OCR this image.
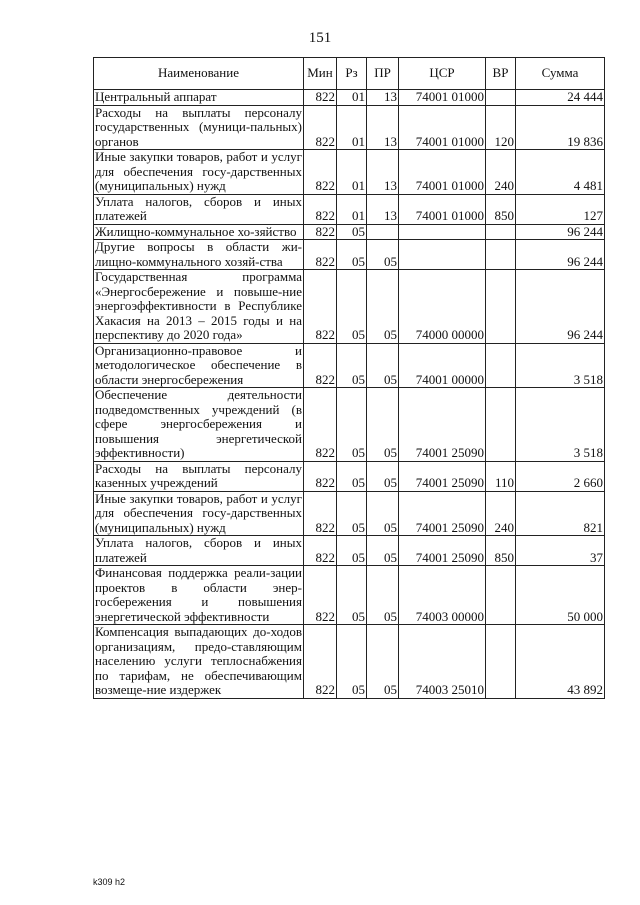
151
Наименование	Мин	Рз	ПР	ЦСР	ВР	Сумма
Центральный аппарат	822	01	13	74001 01000		24 444
Расходы на выплаты персоналу государственных (муници-пальных) органов	822	01	13	74001 01000	120	19 836
Иные закупки товаров, работ и услуг для обеспечения госу-дарственных (муниципальных) нужд	822	01	13	74001 01000	240	4 481
Уплата налогов, сборов и иных платежей	822	01	13	74001 01000	850	127
Жилищно-коммунальное хо-зяйство	822	05				96 244
Другие вопросы в области жи-лищно-коммунального хозяй-ства	822	05	05			96 244
Государственная программа «Энергосбережение и повыше-ние энергоэффективности в Республике Хакасия на 2013 – 2015 годы и на перспективу до 2020 года»	822	05	05	74000 00000		96 244
Организационно-правовое и методологическое обеспечение в области энергосбережения	822	05	05	74001 00000		3 518
Обеспечение деятельности подведомственных учреждений (в сфере энергосбережения и повышения энергетической эффективности)	822	05	05	74001 25090		3 518
Расходы на выплаты персоналу казенных учреждений	822	05	05	74001 25090	110	2 660
Иные закупки товаров, работ и услуг для обеспечения госу-дарственных (муниципальных) нужд	822	05	05	74001 25090	240	821
Уплата налогов, сборов и иных платежей	822	05	05	74001 25090	850	37
Финансовая поддержка реали-зации проектов в области энер-госбережения и повышения энергетической эффективности	822	05	05	74003 00000		50 000
Компенсация выпадающих до-ходов организациям, предо-ставляющим населению услуги теплоснабжения по тарифам, не обеспечивающим возмеще-ние издержек	822	05	05	74003 25010		43 892
k309 h2
